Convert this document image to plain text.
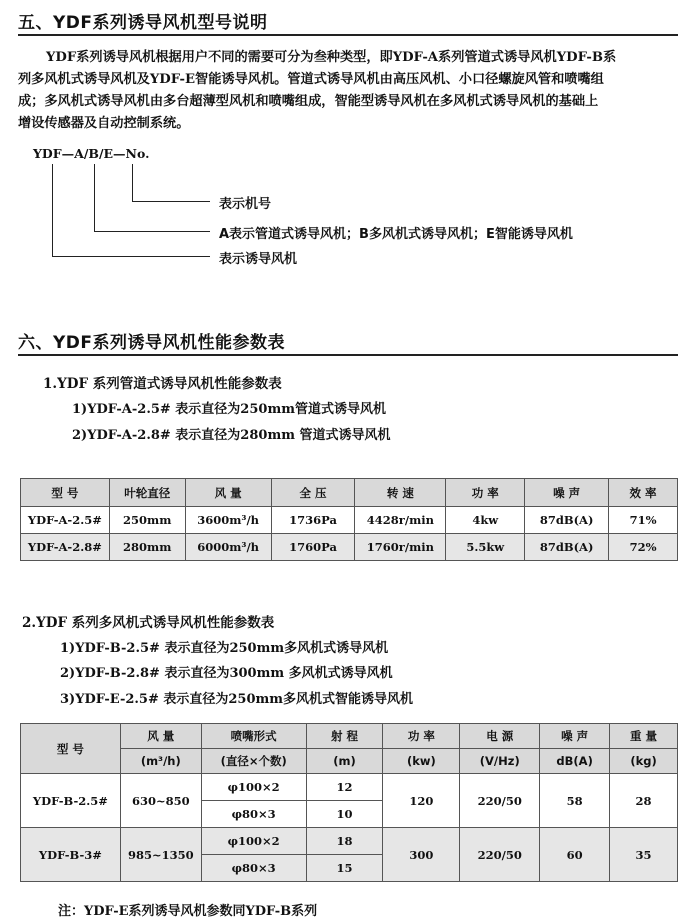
五、YDF系列诱导风机型号说明
YDF系列诱导风机根据用户不同的需要可分为叁种类型，即YDF-A系列管道式诱导风机YDF-B系
列多风机式诱导风机及YDF-E智能诱导风机。管道式诱导风机由高压风机、小口径螺旋风管和喷嘴组
成；多风机式诱导风机由多台超薄型风机和喷嘴组成，智能型诱导风机在多风机式诱导风机的基础上
增设传感器及自动控制系统。
YDF—A/B/E—No.
表示机号
A表示管道式诱导风机；B多风机式诱导风机；E智能诱导风机
表示诱导风机
六、YDF系列诱导风机性能参数表
1.YDF 系列管道式诱导风机性能参数表
1)YDF-A-2.5# 表示直径为250mm管道式诱导风机
2)YDF-A-2.8# 表示直径为280mm 管道式诱导风机
型 号	叶轮直径	风 量	全 压	转 速	功 率	噪 声	效 率
YDF-A-2.5#	250mm	3600m³/h	1736Pa	4428r/min	4kw	87dB(A)	71%
YDF-A-2.8#	280mm	6000m³/h	1760Pa	1760r/min	5.5kw	87dB(A)	72%
2.YDF 系列多风机式诱导风机性能参数表
1)YDF-B-2.5# 表示直径为250mm多风机式诱导风机
2)YDF-B-2.8# 表示直径为300mm 多风机式诱导风机
3)YDF-E-2.5# 表示直径为250mm多风机式智能诱导风机
型 号	风 量	喷嘴形式	射 程	功 率	电 源	噪 声	重 量
	(m³/h)	(直径×个数)	(m)	(kw)	(V/Hz)	dB(A)	(kg)
YDF-B-2.5#	630~850	φ100×2	12	120	220/50	58	28
		φ80×3	10				
YDF-B-3#	985~1350	φ100×2	18	300	220/50	60	35
		φ80×3	15				
注：YDF-E系列诱导风机参数同YDF-B系列
